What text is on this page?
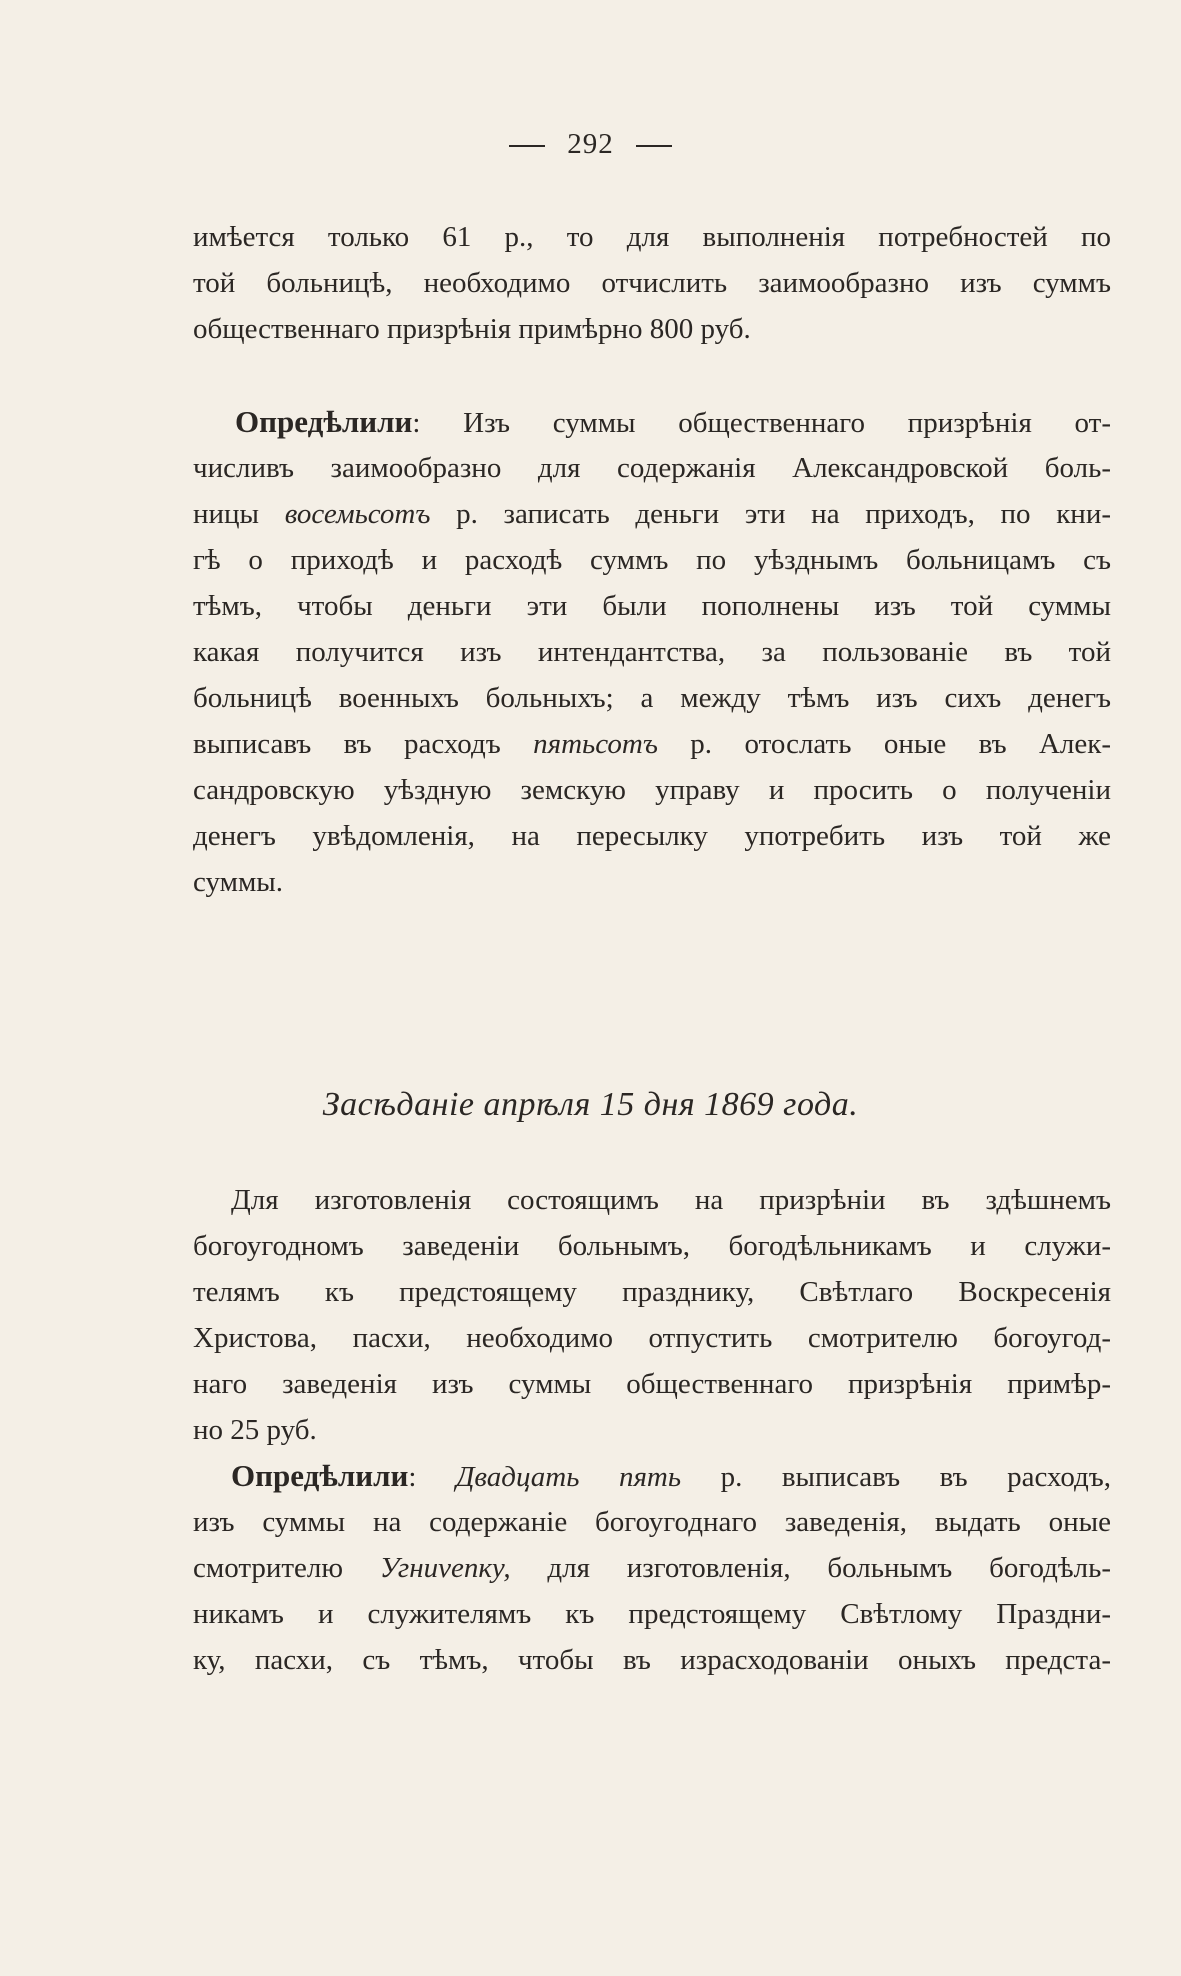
292
имѣется только 61 р., то для выполненія потребностей по
той больницѣ, необходимо отчислить заимообразно изъ суммъ
общественнаго призрѣнія примѣрно 800 руб.
Опредѣлили: Изъ суммы общественнаго призрѣнія от-
числивъ заимообразно для содержанія Александровской боль-
ницы восемьсотъ р. записать деньги эти на приходъ, по кни-
гѣ о приходѣ и расходѣ суммъ по уѣзднымъ больницамъ съ
тѣмъ, чтобы деньги эти были пополнены изъ той суммы
какая получится изъ интендантства, за пользованіе въ той
больницѣ военныхъ больныхъ; а между тѣмъ изъ сихъ денегъ
выписавъ въ расходъ пятьсотъ р. отослать оные въ Алек-
сандровскую уѣздную земскую управу и просить о полученіи
денегъ увѣдомленія, на пересылку употребить изъ той же
суммы.
Засѣданіе апрѣля 15 дня 1869 года.
Для изготовленія состоящимъ на призрѣніи въ здѣшнемъ
богоугодномъ заведеніи больнымъ, богодѣльникамъ и служи-
телямъ къ предстоящему празднику, Свѣтлаго Воскресенія
Христова, пасхи, необходимо отпустить смотрителю богоугод-
наго заведенія изъ суммы общественнаго призрѣнія примѣр-
но 25 руб.
Опредѣлили: Двадцать пять р. выписавъ въ расходъ,
изъ суммы на содержаніе богоугоднаго заведенія, выдать оные
смотрителю Угниvenку, для изготовленія, больнымъ богодѣль-
никамъ и служителямъ къ предстоящему Свѣтлому Праздни-
ку, пасхи, съ тѣмъ, чтобы въ израсходованіи оныхъ предста-
